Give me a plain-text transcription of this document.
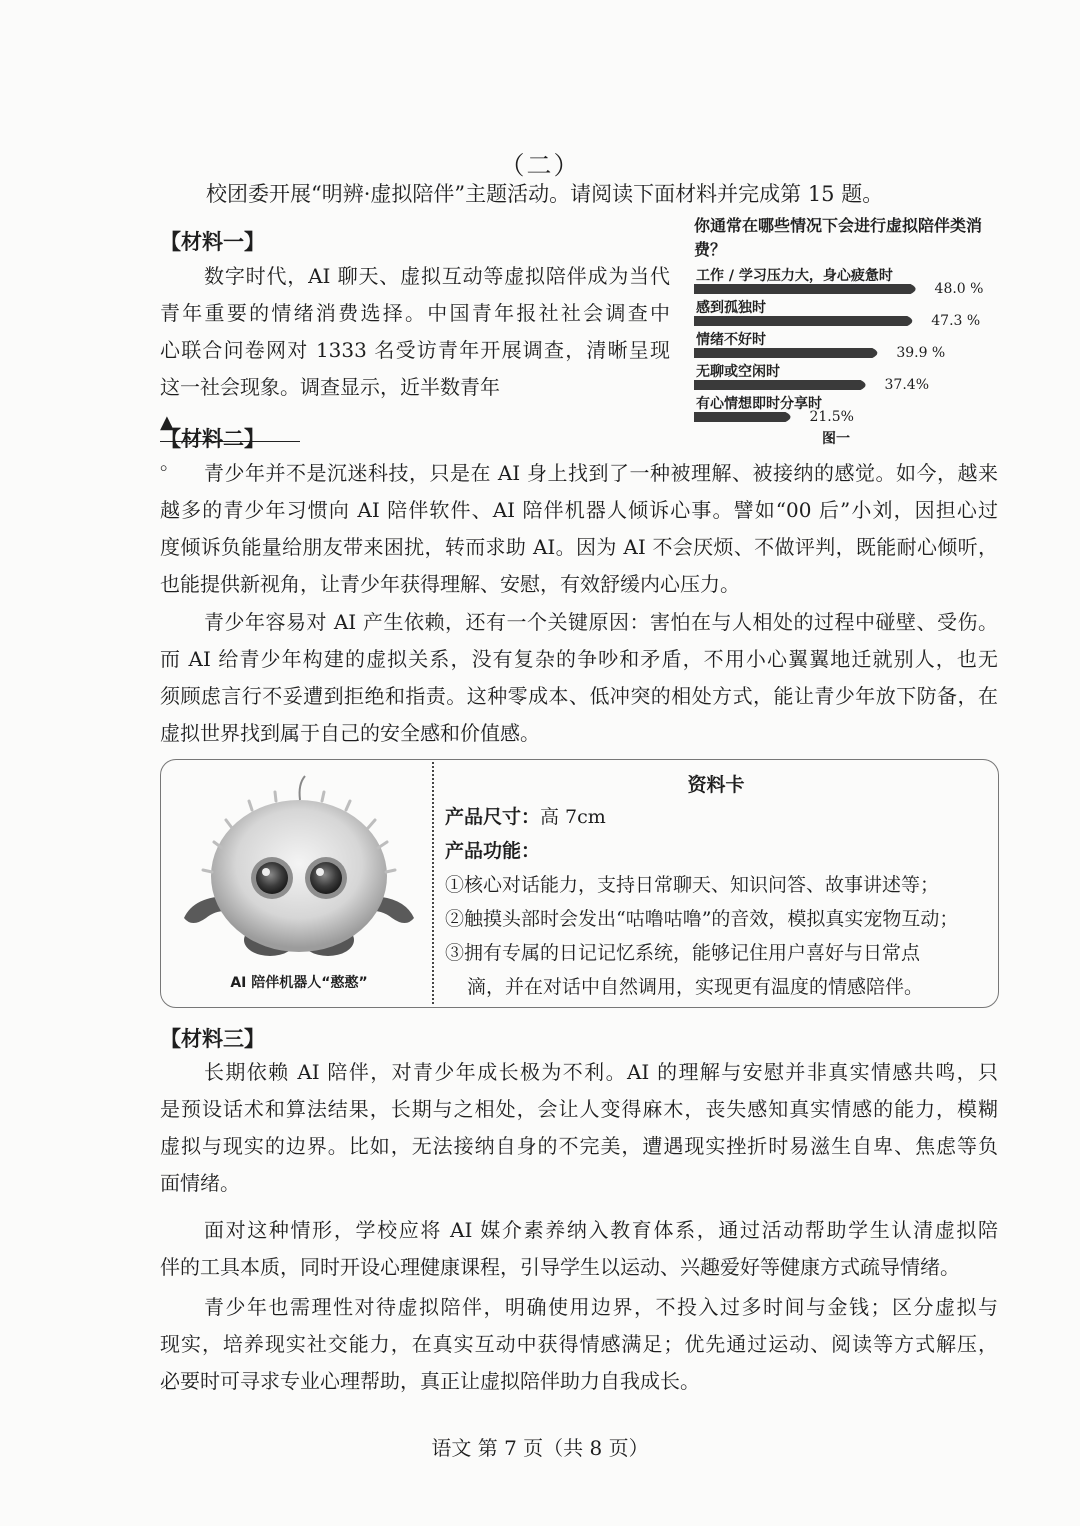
（二）
校团委开展“明辨·虚拟陪伴”主题活动。请阅读下面材料并完成第 15 题。
【材料一】
数字时代，AI 聊天、虚拟互动等虚拟陪伴成为当代
青年重要的情绪消费选择。中国青年报社社会调查中
心联合问卷网对 1333 名受访青年开展调查，清晰呈现
这一社会现象。调查显示，近半数青年
▲
。
你通常在哪些情况下会进行虚拟陪伴类消费？
工作 / 学习压力大，身心疲惫时
48.0 %
感到孤独时
47.3 %
情绪不好时
39.9 %
无聊或空闲时
37.4%
有心情想即时分享时
21.5%
图一
【材料二】
青少年并不是沉迷科技，只是在 AI 身上找到了一种被理解、被接纳的感觉。如今，越来
越多的青少年习惯向 AI 陪伴软件、AI 陪伴机器人倾诉心事。譬如“00 后”小刘，因担心过
度倾诉负能量给朋友带来困扰，转而求助 AI。因为 AI 不会厌烦、不做评判，既能耐心倾听，
也能提供新视角，让青少年获得理解、安慰，有效舒缓内心压力。
青少年容易对 AI 产生依赖，还有一个关键原因：害怕在与人相处的过程中碰壁、受伤。
而 AI 给青少年构建的虚拟关系，没有复杂的争吵和矛盾，不用小心翼翼地迁就别人，也无
须顾虑言行不妥遭到拒绝和指责。这种零成本、低冲突的相处方式，能让青少年放下防备，在
虚拟世界找到属于自己的安全感和价值感。
AI 陪伴机器人“憨憨”
资料卡
产品尺寸：高 7cm
产品功能：
①核心对话能力，支持日常聊天、知识问答、故事讲述等；
②触摸头部时会发出“咕噜咕噜”的音效，模拟真实宠物互动；
③拥有专属的日记记忆系统，能够记住用户喜好与日常点
滴，并在对话中自然调用，实现更有温度的情感陪伴。
【材料三】
长期依赖 AI 陪伴，对青少年成长极为不利。AI 的理解与安慰并非真实情感共鸣，只
是预设话术和算法结果，长期与之相处，会让人变得麻木，丧失感知真实情感的能力，模糊
虚拟与现实的边界。比如，无法接纳自身的不完美，遭遇现实挫折时易滋生自卑、焦虑等负
面情绪。
面对这种情形，学校应将 AI 媒介素养纳入教育体系，通过活动帮助学生认清虚拟陪
伴的工具本质，同时开设心理健康课程，引导学生以运动、兴趣爱好等健康方式疏导情绪。
青少年也需理性对待虚拟陪伴，明确使用边界，不投入过多时间与金钱；区分虚拟与
现实，培养现实社交能力，在真实互动中获得情感满足；优先通过运动、阅读等方式解压，
必要时可寻求专业心理帮助，真正让虚拟陪伴助力自我成长。
语文 第 7 页（共 8 页）
